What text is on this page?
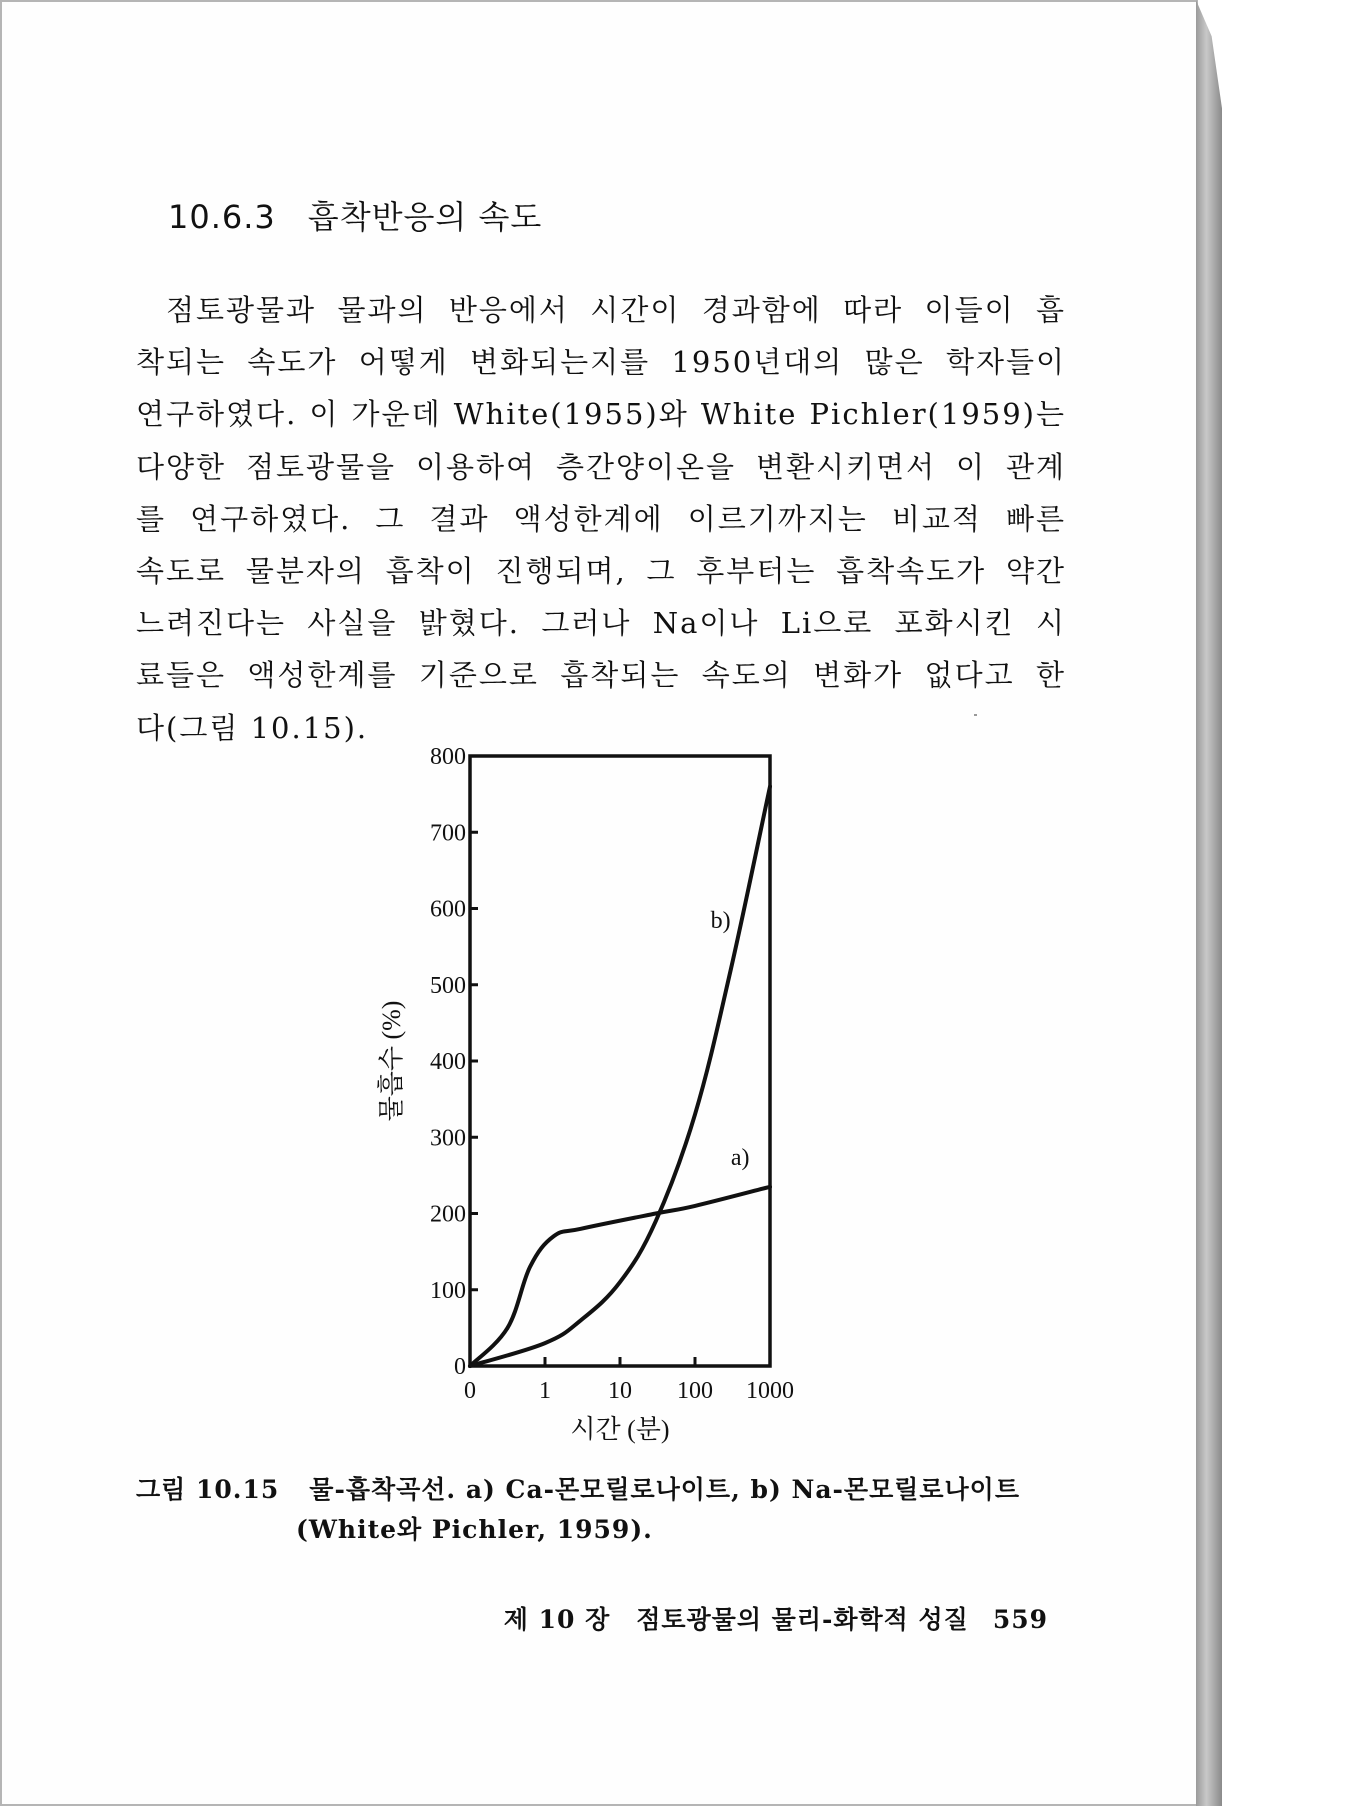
10.6.3 흡착반응의 속도

점토광물과 물과의 반응에서 시간이 경과함에 따라 이들이 흡
착되는 속도가 어떻게 변화되는지를 1950년대의 많은 학자들이
연구하였다. 이 가운데 White(1955)와 White Pichler(1959)는
다양한 점토광물을 이용하여 층간양이온을 변환시키면서 이 관계
를 연구하였다. 그 결과 액성한계에 이르기까지는 비교적 빠른
속도로 물분자의 흡착이 진행되며, 그 후부터는 흡착속도가 약간
느려진다는 사실을 밝혔다. 그러나 Na이나 Li으로 포화시킨 시
료들은 액성한계를 기준으로 흡착되는 속도의 변화가 없다고 한
다(그림 10.15).

0
100
200
300
400
500
600
700
800
0	1 10 100 1000
시간 (분)
물흡수 (%)
a)
b)

그림 10.15 물-흡착곡선. a) Ca-몬모릴로나이트, b) Na-몬모릴로나이트
(White와 Pichler, 1959).

제 10 장 점토광물의 물리-화학적 성질 559
